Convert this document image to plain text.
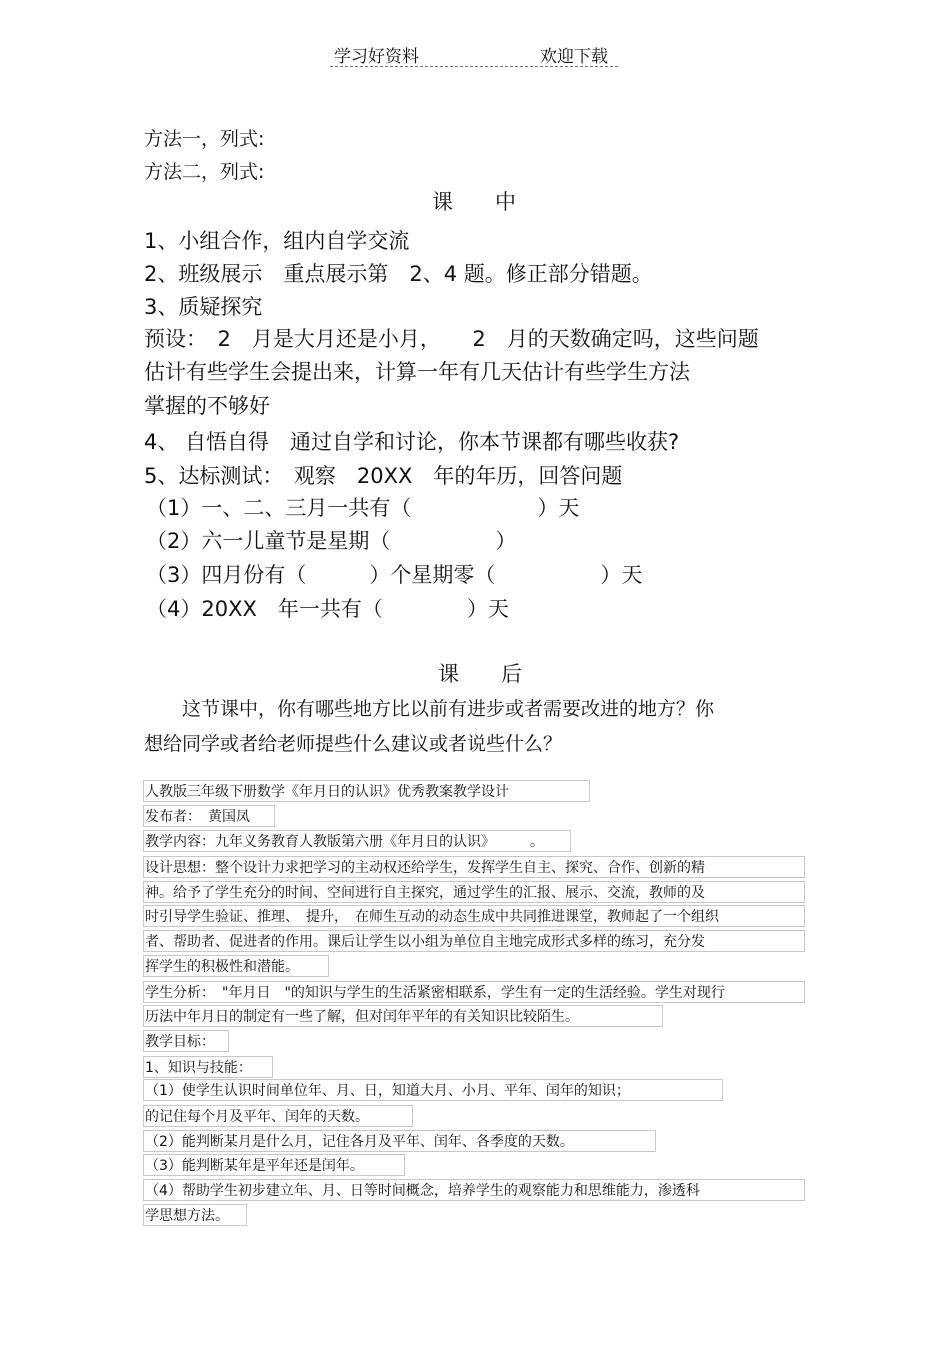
学习好资料	欢迎下载
方法一，列式:
方法二，列式:
课　　中
1、小组合作，组内自学交流
2、班级展示　重点展示第　2、4 题。修正部分错题。
3、质疑探究
预设：　2　月是大月还是小月，　　2　月的天数确定吗，这些问题
估计有些学生会提出来，计算一年有几天估计有些学生方法
掌握的不够好
4、 自悟自得　通过自学和讨论，你本节课都有哪些收获?
5、达标测试：　观察　20XX　年的年历，回答问题
（1）一、二、三月一共有（　　　　　　）天
（2）六一儿童节是星期（　　　　　）
（3）四月份有（　　　）个星期零（　　　　　）天
（4）20XX　年一共有（　　　　）天
课　　后
　　这节课中，你有哪些地方比以前有进步或者需要改进的地方？你
想给同学或者给老师提些什么建议或者说些什么？
人教版三年级下册数学《年月日的认识》优秀教案教学设计
发布者：　黄国凤
教学内容：九年义务教育人教版第六册《年月日的认识》　　　。
设计思想：整个设计力求把学习的主动权还给学生，发挥学生自主、探究、合作、创新的精
神。给予了学生充分的时间、空间进行自主探究，通过学生的汇报、展示、交流，教师的及
时引导学生验证、推理、　提升，　在师生互动的动态生成中共同推进课堂，教师起了一个组织
者、帮助者、促进者的作用。课后让学生以小组为单位自主地完成形式多样的练习，充分发
挥学生的积极性和潜能。
学生分析：　"年月日　"的知识与学生的生活紧密相联系，学生有一定的生活经验。学生对现行
历法中年月日的制定有一些了解，但对闰年平年的有关知识比较陌生。
教学目标：
1、知识与技能：
（1）使学生认识时间单位年、月、日，知道大月、小月、平年、闰年的知识；
的记住每个月及平年、闰年的天数。
（2）能判断某月是什么月，记住各月及平年、闰年、各季度的天数。
（3）能判断某年是平年还是闰年。
（4）帮助学生初步建立年、月、日等时间概念，培养学生的观察能力和思维能力，渗透科
学思想方法。
